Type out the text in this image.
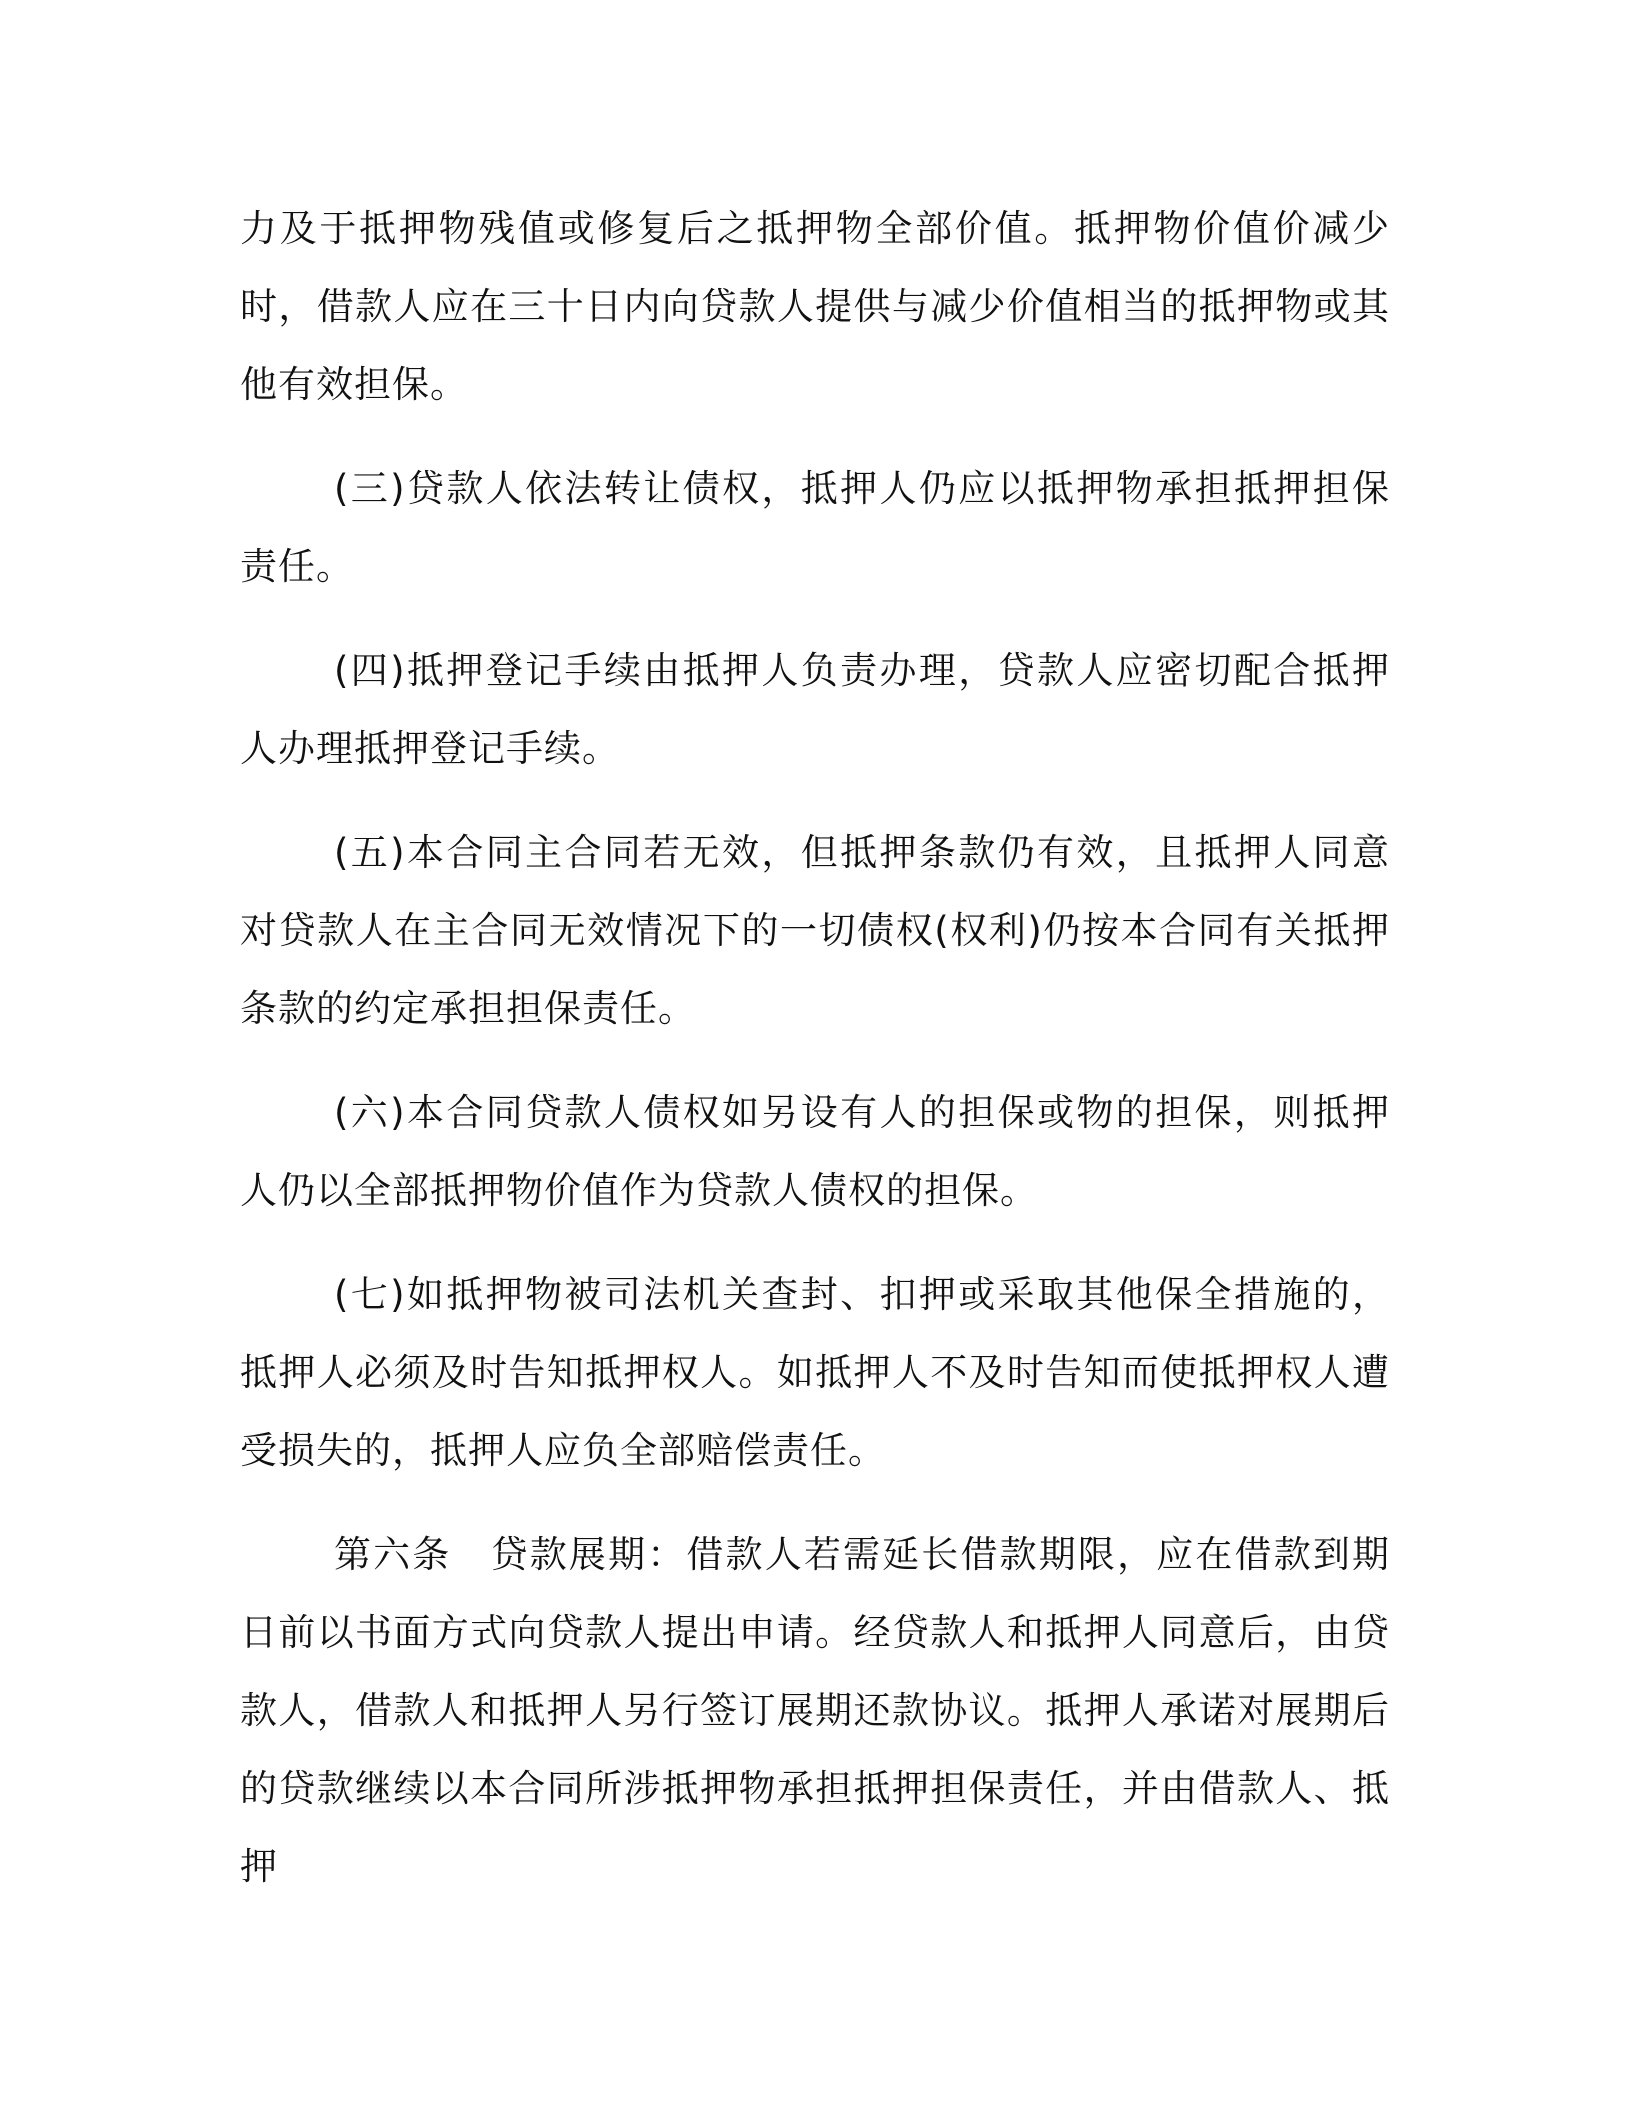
力及于抵押物残值或修复后之抵押物全部价值。抵押物价值价减少时，借款人应在三十日内向贷款人提供与减少价值相当的抵押物或其他有效担保。

(三)贷款人依法转让债权，抵押人仍应以抵押物承担抵押担保责任。

(四)抵押登记手续由抵押人负责办理，贷款人应密切配合抵押人办理抵押登记手续。

(五)本合同主合同若无效，但抵押条款仍有效，且抵押人同意对贷款人在主合同无效情况下的一切债权(权利)仍按本合同有关抵押条款的约定承担担保责任。

(六)本合同贷款人债权如另设有人的担保或物的担保，则抵押人仍以全部抵押物价值作为贷款人债权的担保。

(七)如抵押物被司法机关查封、扣押或采取其他保全措施的，抵押人必须及时告知抵押权人。如抵押人不及时告知而使抵押权人遭受损失的，抵押人应负全部赔偿责任。

第六条　贷款展期：借款人若需延长借款期限，应在借款到期日前以书面方式向贷款人提出申请。经贷款人和抵押人同意后，由贷款人，借款人和抵押人另行签订展期还款协议。抵押人承诺对展期后的贷款继续以本合同所涉抵押物承担抵押担保责任，并由借款人、抵押
